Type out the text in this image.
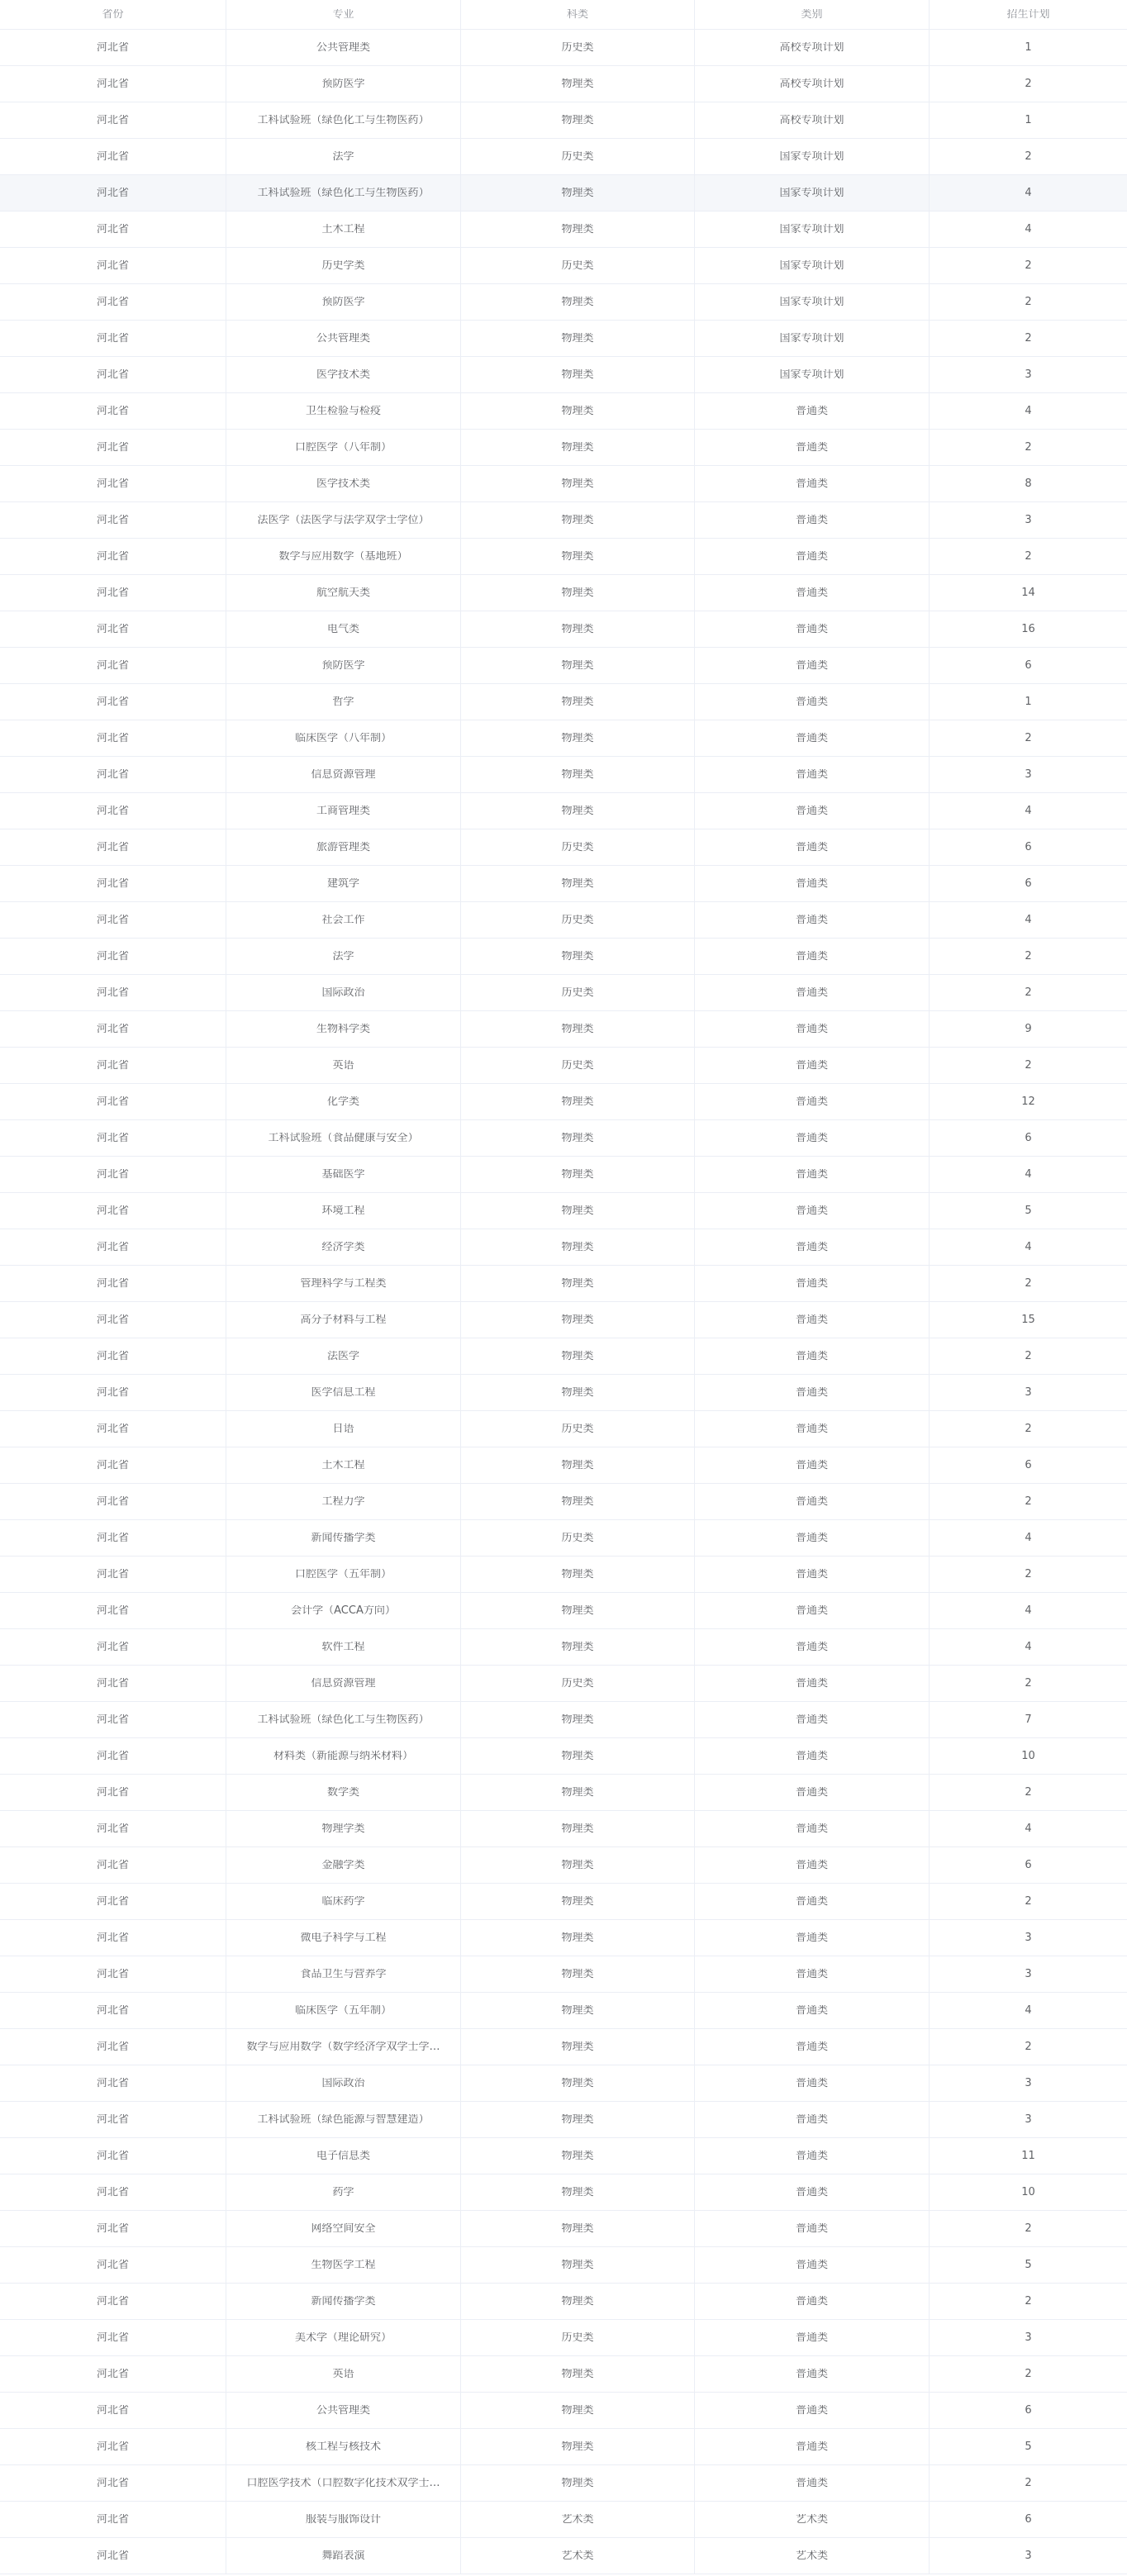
省份	专业	科类	类别	招生计划
河北省	公共管理类	历史类	高校专项计划	1
河北省	预防医学	物理类	高校专项计划	2
河北省	工科试验班（绿色化工与生物医药）	物理类	高校专项计划	1
河北省	法学	历史类	国家专项计划	2
河北省	工科试验班（绿色化工与生物医药）	物理类	国家专项计划	4
河北省	土木工程	物理类	国家专项计划	4
河北省	历史学类	历史类	国家专项计划	2
河北省	预防医学	物理类	国家专项计划	2
河北省	公共管理类	物理类	国家专项计划	2
河北省	医学技术类	物理类	国家专项计划	3
河北省	卫生检验与检疫	物理类	普通类	4
河北省	口腔医学（八年制）	物理类	普通类	2
河北省	医学技术类	物理类	普通类	8
河北省	法医学（法医学与法学双学士学位）	物理类	普通类	3
河北省	数学与应用数学（基地班）	物理类	普通类	2
河北省	航空航天类	物理类	普通类	14
河北省	电气类	物理类	普通类	16
河北省	预防医学	物理类	普通类	6
河北省	哲学	物理类	普通类	1
河北省	临床医学（八年制）	物理类	普通类	2
河北省	信息资源管理	物理类	普通类	3
河北省	工商管理类	物理类	普通类	4
河北省	旅游管理类	历史类	普通类	6
河北省	建筑学	物理类	普通类	6
河北省	社会工作	历史类	普通类	4
河北省	法学	物理类	普通类	2
河北省	国际政治	历史类	普通类	2
河北省	生物科学类	物理类	普通类	9
河北省	英语	历史类	普通类	2
河北省	化学类	物理类	普通类	12
河北省	工科试验班（食品健康与安全）	物理类	普通类	6
河北省	基础医学	物理类	普通类	4
河北省	环境工程	物理类	普通类	5
河北省	经济学类	物理类	普通类	4
河北省	管理科学与工程类	物理类	普通类	2
河北省	高分子材料与工程	物理类	普通类	15
河北省	法医学	物理类	普通类	2
河北省	医学信息工程	物理类	普通类	3
河北省	日语	历史类	普通类	2
河北省	土木工程	物理类	普通类	6
河北省	工程力学	物理类	普通类	2
河北省	新闻传播学类	历史类	普通类	4
河北省	口腔医学（五年制）	物理类	普通类	2
河北省	会计学（ACCA方向）	物理类	普通类	4
河北省	软件工程	物理类	普通类	4
河北省	信息资源管理	历史类	普通类	2
河北省	工科试验班（绿色化工与生物医药）	物理类	普通类	7
河北省	材料类（新能源与纳米材料）	物理类	普通类	10
河北省	数学类	物理类	普通类	2
河北省	物理学类	物理类	普通类	4
河北省	金融学类	物理类	普通类	6
河北省	临床药学	物理类	普通类	2
河北省	微电子科学与工程	物理类	普通类	3
河北省	食品卫生与营养学	物理类	普通类	3
河北省	临床医学（五年制）	物理类	普通类	4
河北省	数学与应用数学（数学经济学双学士学…	物理类	普通类	2
河北省	国际政治	物理类	普通类	3
河北省	工科试验班（绿色能源与智慧建造）	物理类	普通类	3
河北省	电子信息类	物理类	普通类	11
河北省	药学	物理类	普通类	10
河北省	网络空间安全	物理类	普通类	2
河北省	生物医学工程	物理类	普通类	5
河北省	新闻传播学类	物理类	普通类	2
河北省	美术学（理论研究）	历史类	普通类	3
河北省	英语	物理类	普通类	2
河北省	公共管理类	物理类	普通类	6
河北省	核工程与核技术	物理类	普通类	5
河北省	口腔医学技术（口腔数字化技术双学士…	物理类	普通类	2
河北省	服装与服饰设计	艺术类	艺术类	6
河北省	舞蹈表演	艺术类	艺术类	3
